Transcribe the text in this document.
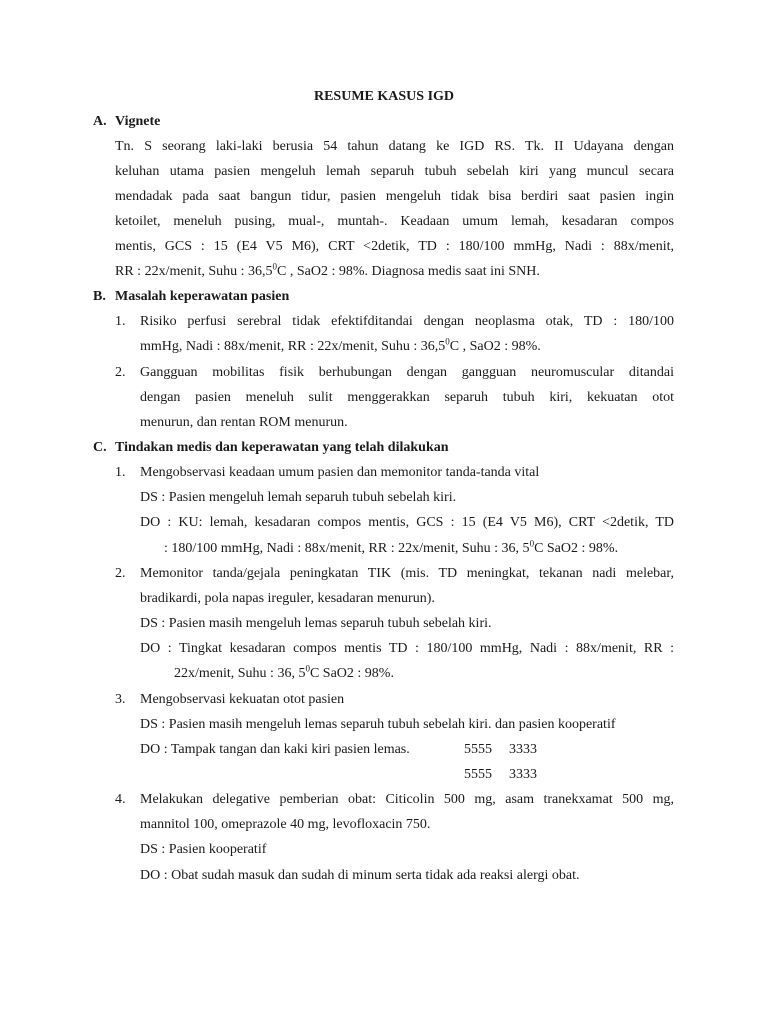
RESUME KASUS IGD
A. Vignete
Tn. S seorang laki-laki berusia 54 tahun datang ke IGD RS. Tk. II Udayana dengan
keluhan utama pasien mengeluh lemah separuh tubuh sebelah kiri yang muncul secara
mendadak pada saat bangun tidur, pasien mengeluh tidak bisa berdiri saat pasien ingin
ketoilet, meneluh pusing, mual-, muntah-. Keadaan umum lemah, kesadaran compos
mentis, GCS : 15 (E4 V5 M6), CRT <2detik, TD : 180/100 mmHg, Nadi : 88x/menit,
RR : 22x/menit, Suhu : 36,5$^0$C , SaO2 : 98%. Diagnosa medis saat ini SNH.
B. Masalah keperawatan pasien
1. Risiko perfusi serebral tidak efektifditandai dengan neoplasma otak, TD : 180/100
mmHg, Nadi : 88x/menit, RR : 22x/menit, Suhu : 36,5$^0$C , SaO2 : 98%.
2. Gangguan mobilitas fisik berhubungan dengan gangguan neuromuscular ditandai
dengan pasien meneluh sulit menggerakkan separuh tubuh kiri, kekuatan otot
menurun, dan rentan ROM menurun.
C. Tindakan medis dan keperawatan yang telah dilakukan
1. Mengobservasi keadaan umum pasien dan memonitor tanda-tanda vital
DS : Pasien mengeluh lemah separuh tubuh sebelah kiri.
DO : KU: lemah, kesadaran compos mentis, GCS : 15 (E4 V5 M6), CRT <2detik, TD
: 180/100 mmHg, Nadi : 88x/menit, RR : 22x/menit, Suhu : 36, $5^0C$ SaO2 : 98%.
2. Memonitor tanda/gejala peningkatan TIK (mis. TD meningkat, tekanan nadi melebar,
bradikardi, pola napas ireguler, kesadaran menurun).
DS : Pasien masih mengeluh lemas separuh tubuh sebelah kiri.
DO : Tingkat kesadaran compos mentis TD : 180/100 mmHg, Nadi : 88x/menit, RR :
22x/menit, Suhu : 36, $5^0C$ SaO2 : 98%.
3. Mengobservasi kekuatan otot pasien
DS : Pasien masih mengeluh lemas separuh tubuh sebelah kiri. dan pasien kooperatif
DO : Tampak tangan dan kaki kiri pasien lemas.	5555 3333
5555 3333
4. Melakukan delegative pemberian obat: Citicolin 500 mg, asam tranekxamat 500 mg,
mannitol 100, omeprazole 40 mg, levofloxacin 750.
DS : Pasien kooperatif
DO : Obat sudah masuk dan sudah di minum serta tidak ada reaksi alergi obat.
